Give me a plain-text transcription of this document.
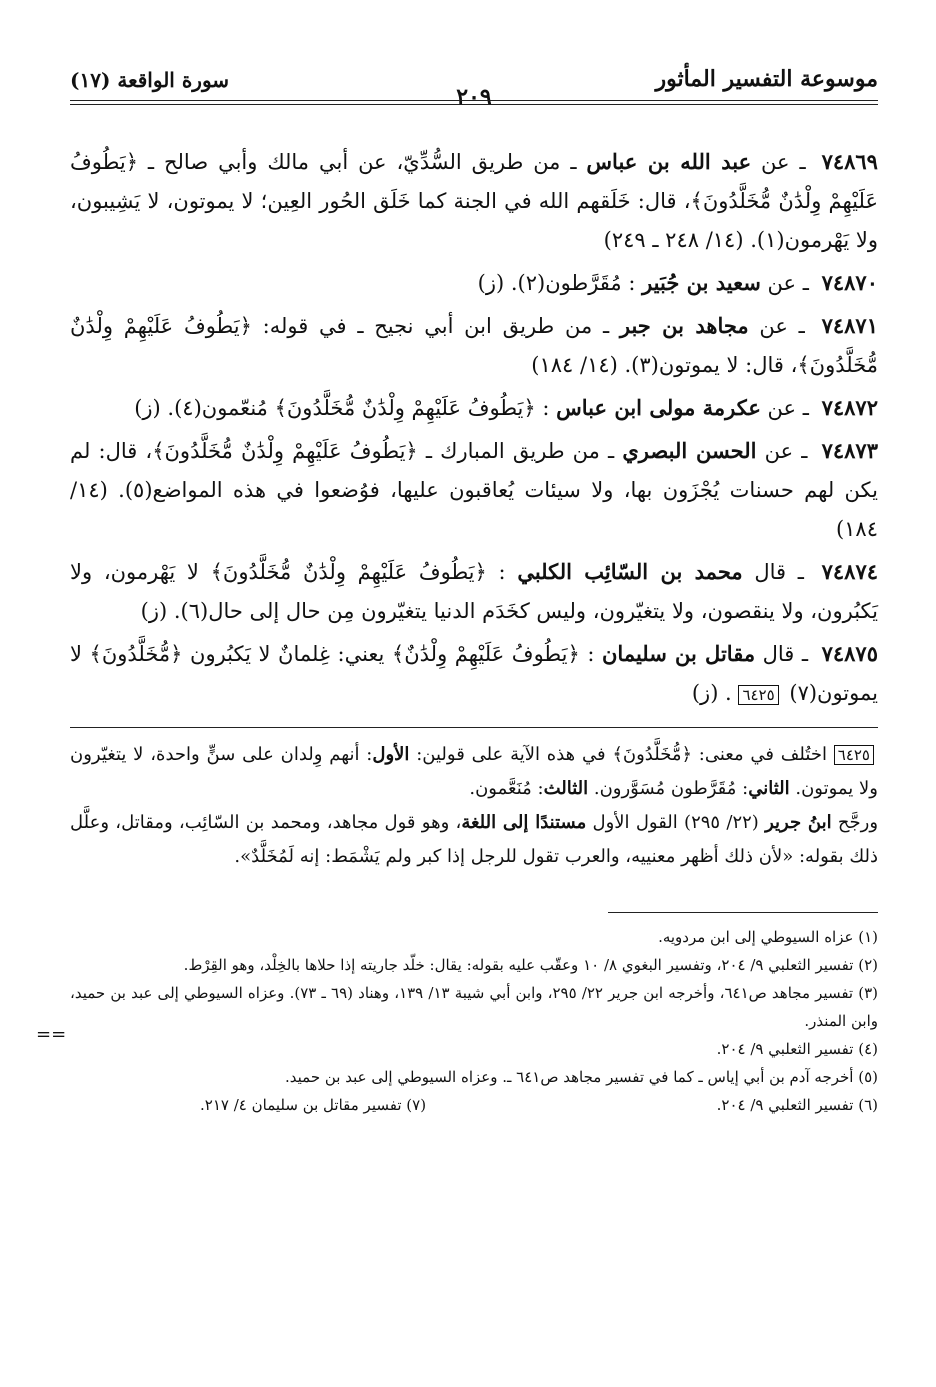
موسوعة التفسير المأثور
٢٠٩
سورة الواقعة (١٧)

٧٤٨٦٩ ـ عن عبد الله بن عباس ـ من طريق السُّدِّيّ، عن أبي مالك وأبي صالح ـ ﴿يَطُوفُ عَلَيْهِمْ وِلْدَٰنٌ مُّخَلَّدُونَ﴾، قال: خَلَقهم الله في الجنة كما خَلَق الحُور العِين؛ لا يموتون، لا يَشِيبون، ولا يَهْرمون(١). (١٤/ ٢٤٨ ـ ٢٤٩)

٧٤٨٧٠ ـ عن سعيد بن جُبَير : مُقَرَّطون(٢). (ز)

٧٤٨٧١ ـ عن مجاهد بن جبر ـ من طريق ابن أبي نجيح ـ في قوله: ﴿يَطُوفُ عَلَيْهِمْ وِلْدَٰنٌ مُّخَلَّدُونَ﴾، قال: لا يموتون(٣). (١٤/ ١٨٤)

٧٤٨٧٢ ـ عن عكرمة مولى ابن عباس : ﴿يَطُوفُ عَلَيْهِمْ وِلْدَٰنٌ مُّخَلَّدُونَ﴾ مُنعّمون(٤). (ز)

٧٤٨٧٣ ـ عن الحسن البصري ـ من طريق المبارك ـ ﴿يَطُوفُ عَلَيْهِمْ وِلْدَٰنٌ مُّخَلَّدُونَ﴾، قال: لم يكن لهم حسنات يُجْزَون بها، ولا سيئات يُعاقبون عليها، فوُضعوا في هذه المواضع(٥). (١٤/ ١٨٤)

٧٤٨٧٤ ـ قال محمد بن السّائِب الكلبي : ﴿يَطُوفُ عَلَيْهِمْ وِلْدَٰنٌ مُّخَلَّدُونَ﴾ لا يَهْرمون، ولا يَكبُرون، ولا ينقصون، ولا يتغيّرون، وليس كخَدَم الدنيا يتغيّرون مِن حال إلى حال(٦). (ز)

٧٤٨٧٥ ـ قال مقاتل بن سليمان : ﴿يَطُوفُ عَلَيْهِمْ وِلْدَٰنٌ﴾ يعني: غِلمانٌ لا يَكبُرون ﴿مُّخَلَّدُونَ﴾ لا يموتون(٧) ٦٤٢٥ . (ز)

٦٤٢٥ اختُلف في معنى: ﴿مُّخَلَّدُونَ﴾ في هذه الآية على قولين: الأول: أنهم وِلدان على سنٍّ واحدة، لا يتغيّرون ولا يموتون. الثاني: مُقَرَّطون مُسَوَّرون. الثالث: مُنَعَّمون.
ورجَّح ابنُ جرير (٢٢/ ٢٩٥) القول الأول مستندًا إلى اللغة، وهو قول مجاهد، ومحمد بن السّائِب، ومقاتل، وعلَّل ذلك بقوله: «لأن ذلك أظهر معنييه، والعرب تقول للرجل إذا كبر ولم يَشْمَط: إنه لَمُخَلَّدٌ».

(١) عزاه السيوطي إلى ابن مردويه.
(٢) تفسير الثعلبي ٩/ ٢٠٤، وتفسير البغوي ٨/ ١٠ وعقّب عليه بقوله: يقال: خلّد جاريته إذا حلاها بالخِلْد، وهو القِرْط.
(٣) تفسير مجاهد ص٦٤١، وأخرجه ابن جرير ٢٢/ ٢٩٥، وابن أبي شيبة ١٣/ ١٣٩، وهناد (٦٩ ـ ٧٣). وعزاه السيوطي إلى عبد بن حميد، وابن المنذر.
(٤) تفسير الثعلبي ٩/ ٢٠٤.
(٥) أخرجه آدم بن أبي إياس ـ كما في تفسير مجاهد ص٦٤١ ـ. وعزاه السيوطي إلى عبد بن حميد.
(٦) تفسير الثعلبي ٩/ ٢٠٤.
(٧) تفسير مقاتل بن سليمان ٤/ ٢١٧.
==
